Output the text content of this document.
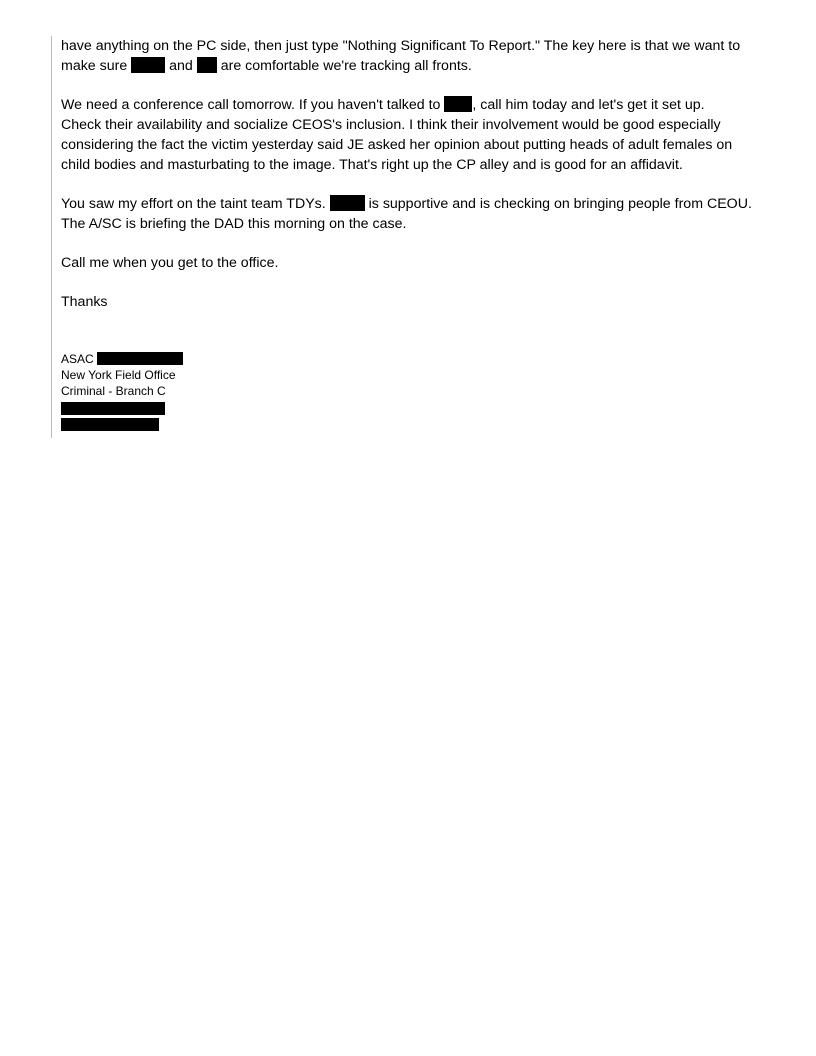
have anything on the PC side, then just type "Nothing Significant To Report." The key here is that we want to
make sure	and are comfortable we're tracking all fronts.

We need a conference call tomorrow. If you haven't talked to , call him today and let's get it set up.
Check their availability and socialize CEOS's inclusion. I think their involvement would be good especially
considering the fact the victim yesterday said JE asked her opinion about putting heads of adult females on
child bodies and masturbating to the image. That's right up the CP alley and is good for an affidavit.

You saw my effort on the taint team TDYs.	is supportive and is checking on bringing people from CEOU.
The A/SC is briefing the DAD this morning on the case.

Call me when you get to the office.

Thanks

ASAC
New York Field Office
Criminal - Branch C
